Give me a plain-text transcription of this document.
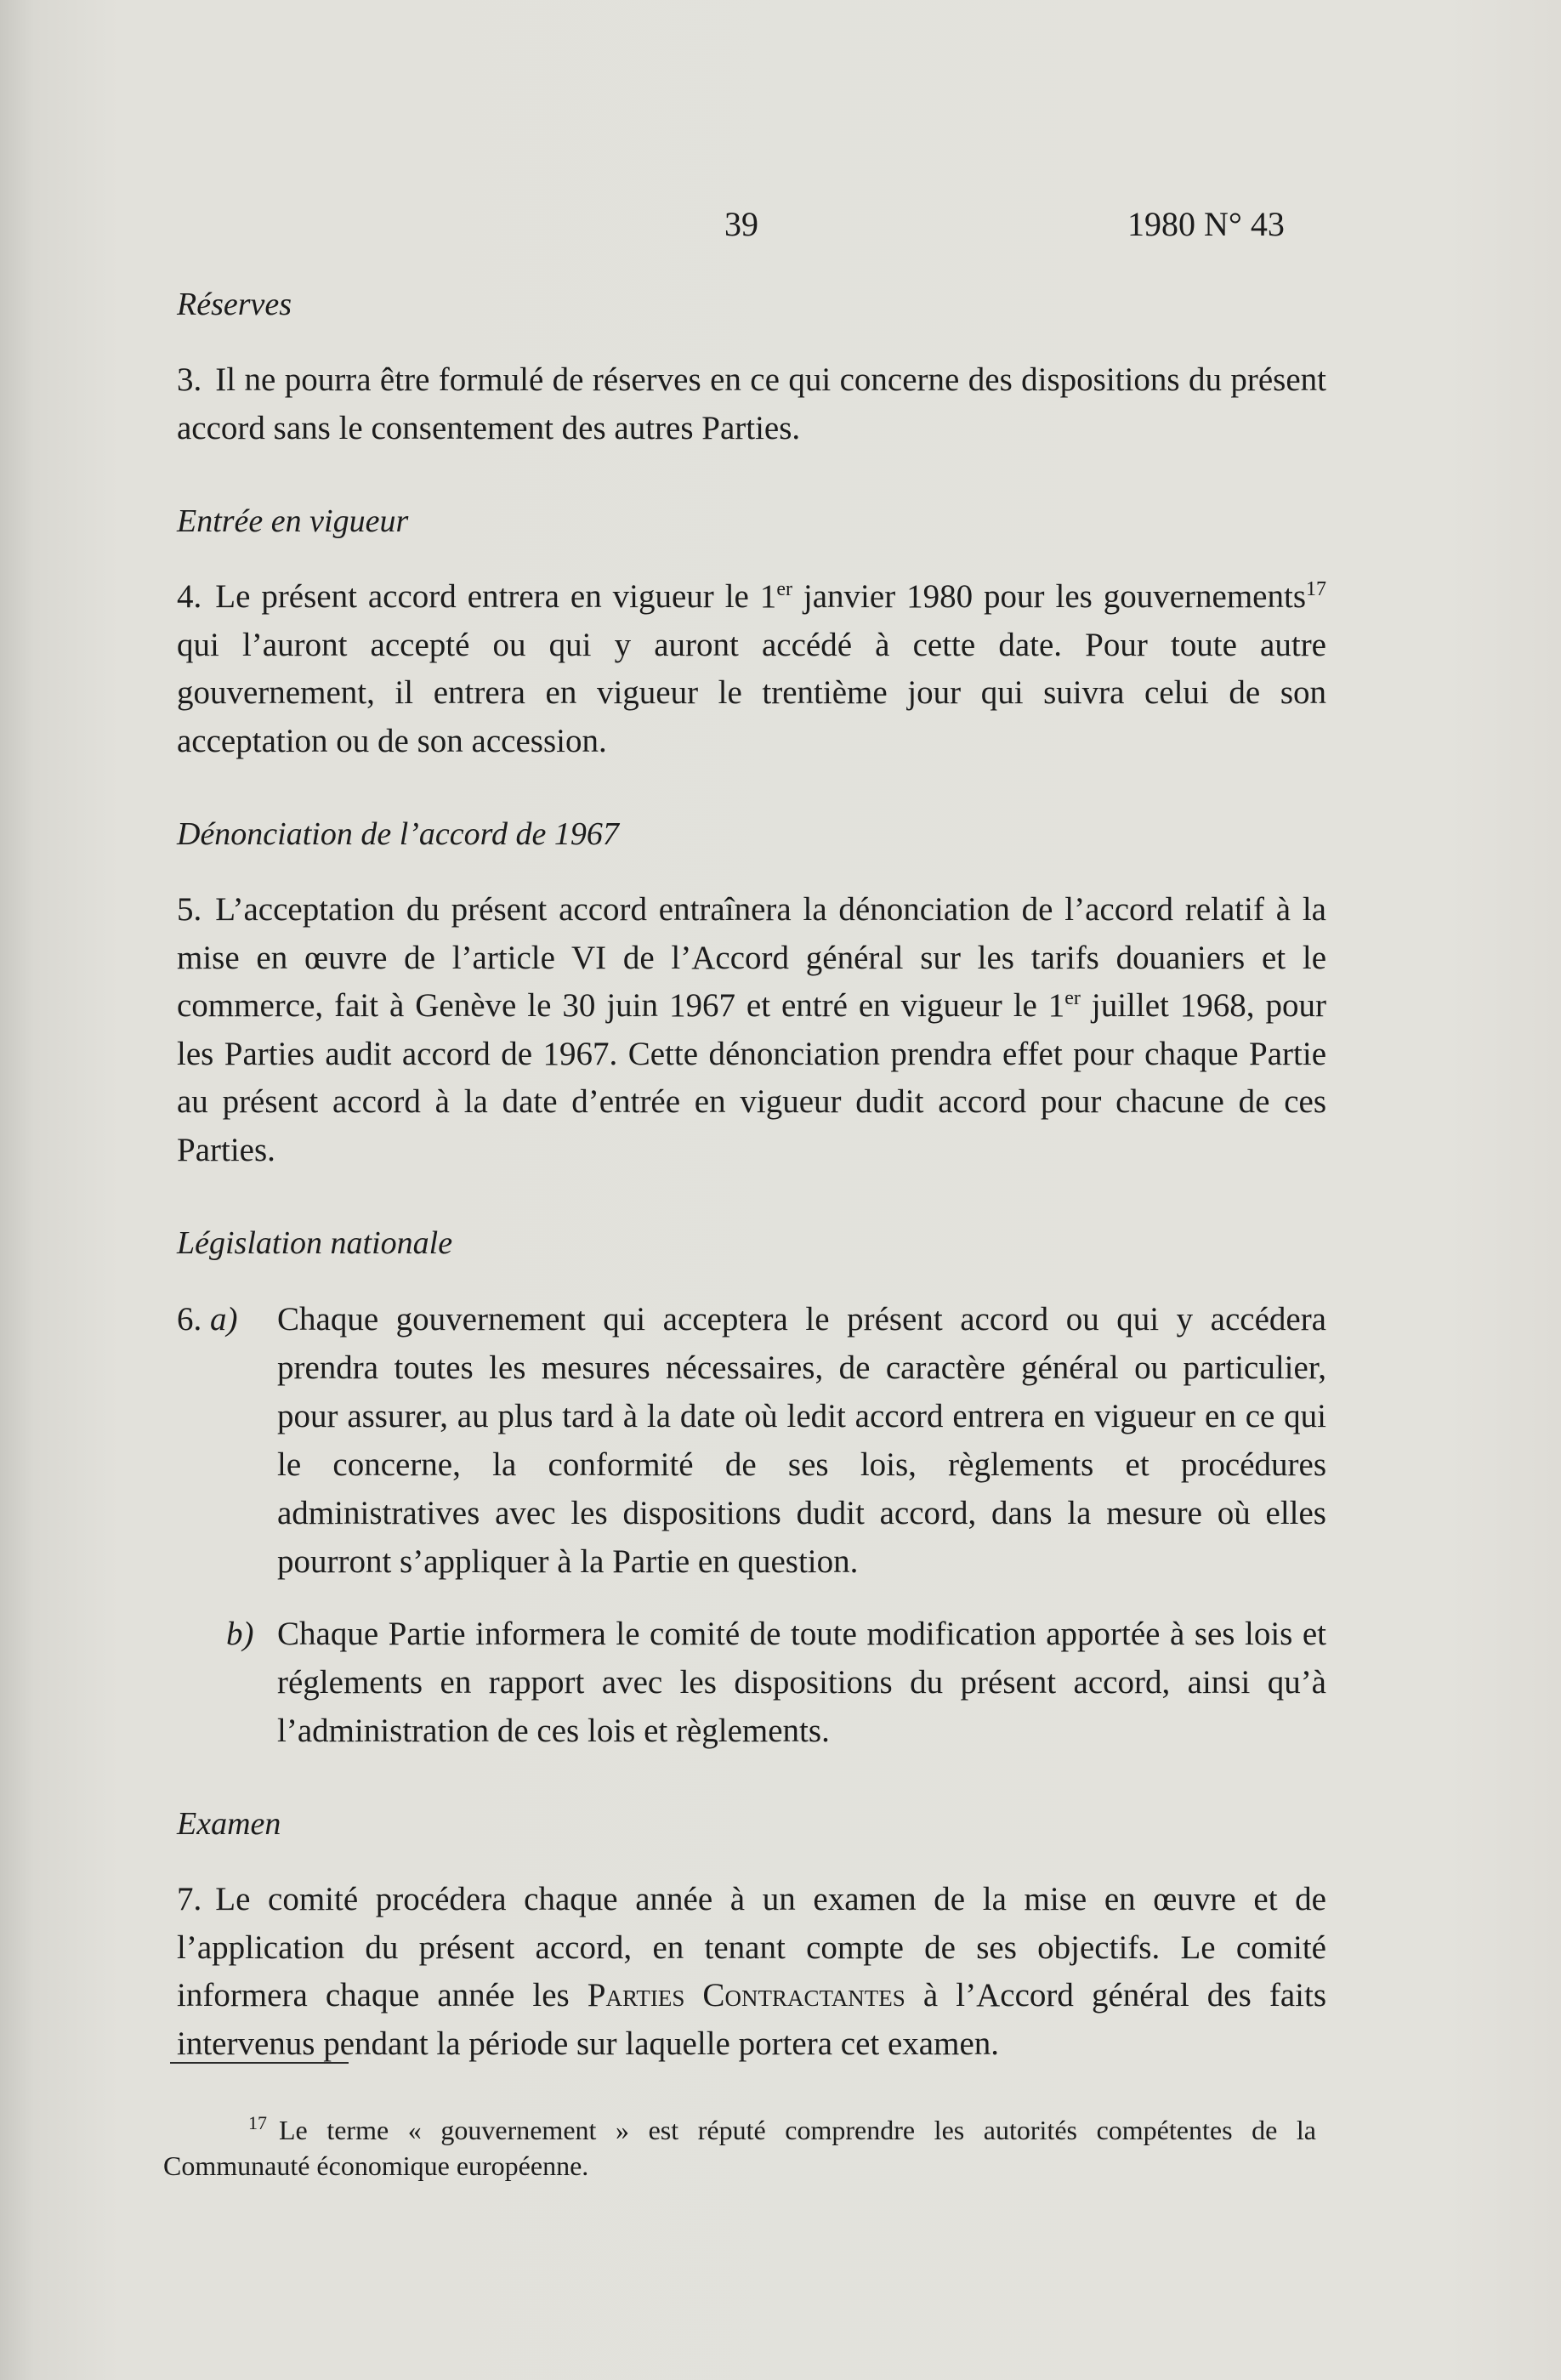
39	1980 N° 43
Réserves

3. Il ne pourra être formulé de réserves en ce qui concerne des dispositions du présent accord sans le consentement des autres Parties.

Entrée en vigueur

4. Le présent accord entrera en vigueur le 1er janvier 1980 pour les gouvernements$^{17}$ qui l’auront accepté ou qui y auront accédé à cette date. Pour toute autre gouvernement, il entrera en vigueur le trentième jour qui suivra celui de son acceptation ou de son accession.

Dénonciation de l’accord de 1967

5. L’acceptation du présent accord entraînera la dénonciation de l’accord relatif à la mise en œuvre de l’article VI de l’Accord général sur les tarifs douaniers et le commerce, fait à Genève le 30 juin 1967 et entré en vigueur le 1er juillet 1968, pour les Parties audit accord de 1967. Cette dénonciation prendra effet pour chaque Partie au présent accord à la date d’entrée en vigueur dudit accord pour chacune de ces Parties.

Législation nationale
6. a) Chaque gouvernement qui acceptera le présent accord ou qui y accédera prendra toutes les mesures nécessaires, de caractère général ou particulier, pour assurer, au plus tard à la date où ledit accord entrera en vigueur en ce qui le concerne, la conformité de ses lois, règlements et procédures administratives avec les dispositions dudit accord, dans la mesure où elles pourront s’appliquer à la Partie en question.
b) Chaque Partie informera le comité de toute modification apportée à ses lois et réglements en rapport avec les dispositions du présent accord, ainsi qu’à l’administration de ces lois et règlements.
Examen

7. Le comité procédera chaque année à un examen de la mise en œuvre et de l’application du présent accord, en tenant compte de ses objectifs. Le comité informera chaque année les Parties Contractantes à l’Accord général des faits intervenus pendant la période sur laquelle portera cet examen.

$^{17}$ Le terme « gouvernement » est réputé comprendre les autorités compétentes de la Communauté économique européenne.
